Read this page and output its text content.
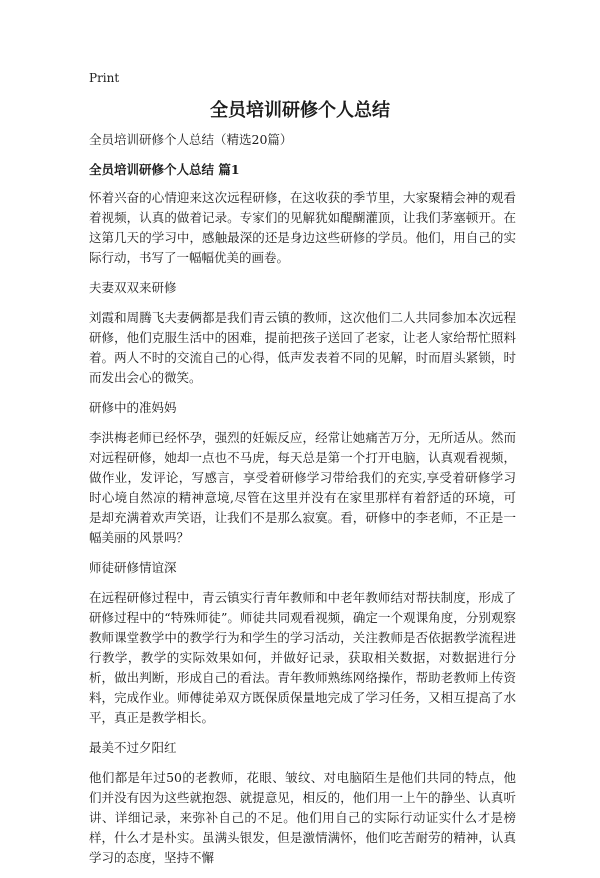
Print
全员培训研修个人总结

全员培训研修个人总结（精选20篇）

全员培训研修个人总结 篇1

怀着兴奋的心情迎来这次远程研修，在这收获的季节里，大家聚精会神的观看着视频，认真的做着记录。专家们的见解犹如醍醐灌顶，让我们茅塞顿开。在这第几天的学习中，感触最深的还是身边这些研修的学员。他们，用自己的实际行动，书写了一幅幅优美的画卷。

夫妻双双来研修

刘霞和周腾飞夫妻俩都是我们青云镇的教师，这次他们二人共同参加本次远程研修，他们克服生活中的困难，提前把孩子送回了老家，让老人家给帮忙照料着。两人不时的交流自己的心得，低声发表着不同的见解，时而眉头紧锁，时而发出会心的微笑。

研修中的准妈妈

李洪梅老师已经怀孕，强烈的妊娠反应，经常让她痛苦万分，无所适从。然而对远程研修，她却一点也不马虎，每天总是第一个打开电脑，认真观看视频，做作业，发评论，写感言，享受着研修学习带给我们的充实,享受着研修学习时心境自然凉的精神意境,尽管在这里并没有在家里那样有着舒适的环境，可是却充满着欢声笑语，让我们不是那么寂寞。看，研修中的李老师，不正是一幅美丽的风景吗？

师徒研修情谊深

在远程研修过程中，青云镇实行青年教师和中老年教师结对帮扶制度，形成了研修过程中的“特殊师徒”。师徒共同观看视频，确定一个观课角度，分别观察教师课堂教学中的教学行为和学生的学习活动，关注教师是否依据教学流程进行教学，教学的实际效果如何，并做好记录，获取相关数据，对数据进行分析，做出判断，形成自己的看法。青年教师熟练网络操作，帮助老教师上传资料，完成作业。师傅徒弟双方既保质保量地完成了学习任务，又相互提高了水平，真正是教学相长。

最美不过夕阳红

他们都是年过50的老教师，花眼、皱纹、对电脑陌生是他们共同的特点，他们并没有因为这些就抱怨、就提意见，相反的，他们用一上午的静坐、认真听讲、详细记录，来弥补自己的不足。他们用自己的实际行动证实什么才是榜样，什么才是朴实。虽满头银发，但是激情满怀，他们吃苦耐劳的精神，认真学习的态度，坚持不懈
